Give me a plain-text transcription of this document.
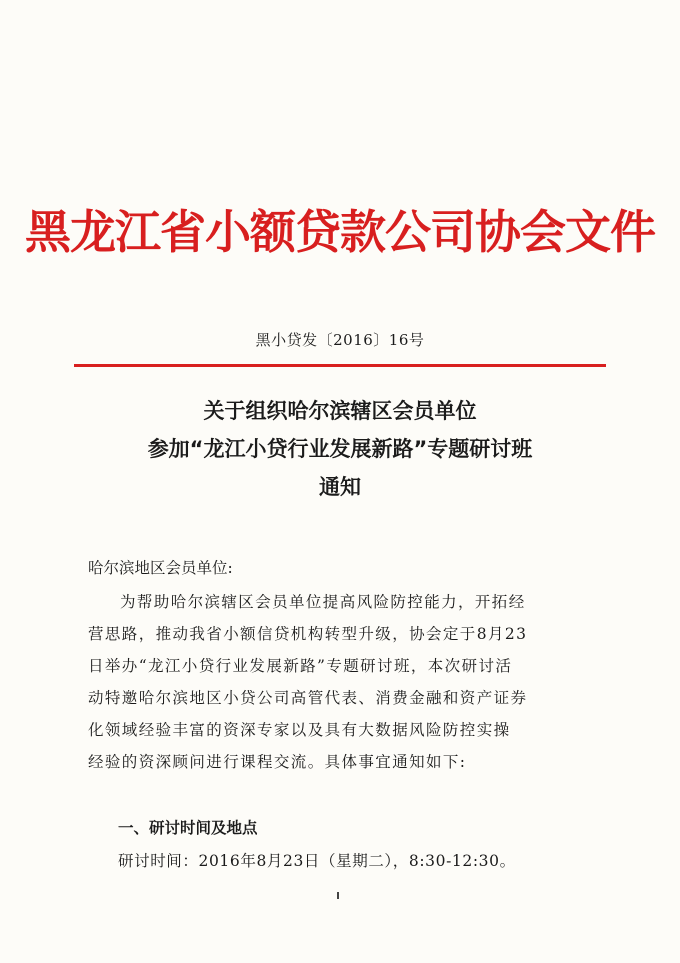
黑龙江省小额贷款公司协会文件
黑小贷发〔2016〕16号
关于组织哈尔滨辖区会员单位
参加“龙江小贷行业发展新路”专题研讨班
通知
哈尔滨地区会员单位:
为帮助哈尔滨辖区会员单位提高风险防控能力，开拓经
营思路，推动我省小额信贷机构转型升级，协会定于8月23
日举办“龙江小贷行业发展新路”专题研讨班，本次研讨活
动特邀哈尔滨地区小贷公司高管代表、消费金融和资产证券
化领域经验丰富的资深专家以及具有大数据风险防控实操
经验的资深顾问进行课程交流。具体事宜通知如下:
一、研讨时间及地点
研讨时间：2016年8月23日（星期二），8:30-12:30。
